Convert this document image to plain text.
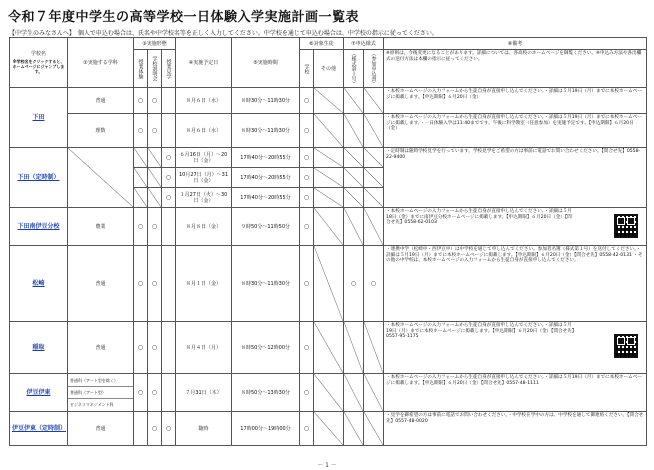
令和７年度中学生の高等学校一日体験入学実施計画一覧表
【中学生のみなさんへ】　個人で申込む場合は、氏名や中学校名等を正しく入力してください。中学校を通じて申込む場合は、中学校の指示に従ってください。
学校名
※学校名をクリックすると、ホームページにジャンプします。	②実施する学科	③実施形態			④実施予定日	⑤実施時間	⑥対象生徒		⑦申込様式		⑧備考

		授業体験	学校説明会	授業見学			学校	その他	（様式第１号）	（参加申込書）	※原則は、今後変更になることがあります。詳細については、各高校のホームページを御覧ください。※申込み方法や各出欄式の送付方法は本欄の指示に従ってください。
下田	普通	○	○		８月６日（水）	８時30分～11時30分	○				・本校ホームページの入力フォームから生徒自身が直接申し込んでください。・詳細は５月19日（月）までに本校ホームページに掲載します。【申込期限】６月20日（金）
	理数	○	○		８月６日（水）	８時30分～11時30分	○				・本校ホームページの入力フォームから生徒自身が直接申し込んでください。・詳細は５月19日（月）までに本校ホームページに掲載します。・一日体験入学は11:40までです。午後に科学教室（任意参加）を実施予定です。【申込期限】６月20日（金）
下田（定時制）				○	６月16日（月）～20日（金）	17時40分～20時55分	○				・定時制は随時学校見学を行っています。学校見学をご希望の方は事前に電話でお問い合わせください。【問合せ先】0558-22-9400
				○	10月27日（月）～31日（金）	17時40分～20時55分	○				
				○	１月27日（火）～30日（金）	17時40分～20時55分	○				
下田南伊豆分校	農業	○	○		８月８日（金）	９時50分～11時50分	○				・本校ホームページの入力フォームから生徒自身が直接申し込んでください。・詳細は５月18日（金）までに南伊豆分校ホームページに掲載します。【申込期限】６月20日（金）【問合せ先】0558-62-0103

松崎	普通	○	○		８月１日（金）	８時30分～11時30分	○		○	○	・連携中学（松崎中・西伊豆中）は中学校を通じて申し込んでください。参加者名簿（様式第１号）を送付してください。・詳細は５月19日（月）までに本校ホームページに掲載します。【申込期限】６月20日（金）【問合せ先】0558-42-0131 ・その他の中学校は、本校ホームページの入力フォームから生徒自身が直接申し込んでください。
稲取	普通	○	○		８月４日（月）	８時50分～12時00分	○				・本校ホームページの入力フォームから生徒自身が直接申し込んでください。・詳細は５月19日（月）までに本校ホームページに掲載します。【申込期限】６月20日（金）【問合せ先】0557-95-1175

伊豆伊東	普通科（アート型を除く）
普通科（アート型）
ビジネスマネジメント科	○	○		７月31日（木）	８時50分～13時30分	○				・本校ホームページの入力フォームから生徒自身が直接申し込んでください。・詳細は５月19日（月）までに本校ホームページに掲載します。【申込期限】６月20日（金）【問合せ先】0557-48-1111
伊豆伊東（定時制）	普通		○	○	随時	17時00分～19時00分	○				・見学を御希望の方は事前に電話でお問い合わせください。・中学校在学中の方は、中学校を通して御連絡ください。【問合せ先】0557-48-0020
－ 1 －
